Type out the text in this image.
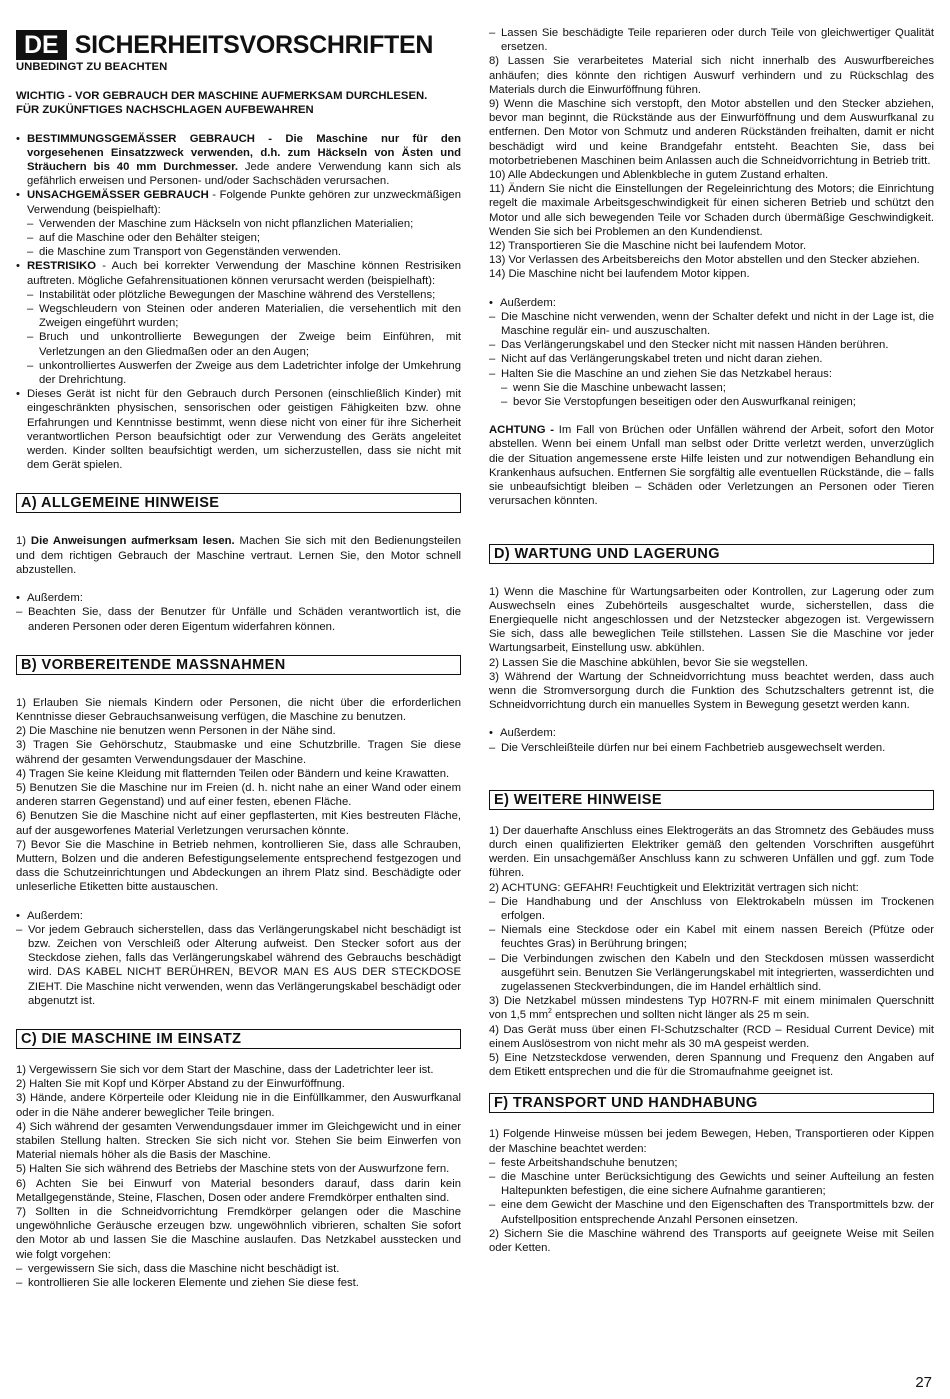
DE SICHERHEITSVORSCHRIFTEN

UNBEDINGT ZU BEACHTEN

WICHTIG - VOR GEBRAUCH DER MASCHINE AUFMERKSAM DURCHLESEN.

FÜR ZUKÜNFTIGES NACHSCHLAGEN AUFBEWAHREN

• BESTIMMUNGSGEMÄSSER GEBRAUCH - Die Maschine nur für den vorgesehenen Einsatzzweck verwenden, d.h. zum Häckseln von Ästen und Sträuchern bis 40 mm Durchmesser. Jede andere Verwendung kann sich als gefährlich erweisen und Personen- und/oder Sachschäden verursachen.

• UNSACHGEMÄSSER GEBRAUCH - Folgende Punkte gehören zur unzweckmäßigen Verwendung (beispielhaft):

– Verwenden der Maschine zum Häckseln von nicht pflanzlichen Materialien;

– auf die Maschine oder den Behälter steigen;

– die Maschine zum Transport von Gegenständen verwenden.

• RESTRISIKO - Auch bei korrekter Verwendung der Maschine können Restrisiken auftreten. Mögliche Gefahrensituationen können verursacht werden (beispielhaft):

– Instabilität oder plötzliche Bewegungen der Maschine während des Verstellens;

– Wegschleudern von Steinen oder anderen Materialien, die versehentlich mit den Zweigen eingeführt wurden;

– Bruch und unkontrollierte Bewegungen der Zweige beim Einführen, mit Verletzungen an den Gliedmaßen oder an den Augen;

– unkontrolliertes Auswerfen der Zweige aus dem Ladetrichter infolge der Umkehrung der Drehrichtung.

• Dieses Gerät ist nicht für den Gebrauch durch Personen (einschließlich Kinder) mit eingeschränkten physischen, sensorischen oder geistigen Fähigkeiten bzw. ohne Erfahrungen und Kenntnisse bestimmt, wenn diese nicht von einer für ihre Sicherheit verantwortlichen Person beaufsichtigt oder zur Verwendung des Geräts angeleitet werden. Kinder sollten beaufsichtigt werden, um sicherzustellen, dass sie nicht mit dem Gerät spielen.

A) ALLGEMEINE HINWEISE

1) Die Anweisungen aufmerksam lesen. Machen Sie sich mit den Bedienungsteilen und dem richtigen Gebrauch der Maschine vertraut. Lernen Sie, den Motor schnell abzustellen.

• Außerdem:

– Beachten Sie, dass der Benutzer für Unfälle und Schäden verantwortlich ist, die anderen Personen oder deren Eigentum widerfahren können.

B) VORBEREITENDE MASSNAHMEN

1) Erlauben Sie niemals Kindern oder Personen, die nicht über die erforderlichen Kenntnisse dieser Gebrauchsanweisung verfügen, die Maschine zu benutzen.

2) Die Maschine nie benutzen wenn Personen in der Nähe sind.

3) Tragen Sie Gehörschutz, Staubmaske und eine Schutzbrille. Tragen Sie diese während der gesamten Verwendungsdauer der Maschine.

4) Tragen Sie keine Kleidung mit flatternden Teilen oder Bändern und keine Krawatten.

5) Benutzen Sie die Maschine nur im Freien (d. h. nicht nahe an einer Wand oder einem anderen starren Gegenstand) und auf einer festen, ebenen Fläche.

6) Benutzen Sie die Maschine nicht auf einer gepflasterten, mit Kies bestreuten Fläche, auf der ausgeworfenes Material Verletzungen verursachen könnte.

7) Bevor Sie die Maschine in Betrieb nehmen, kontrollieren Sie, dass alle Schrauben, Muttern, Bolzen und die anderen Befestigungselemente entsprechend festgezogen und dass die Schutzeinrichtungen und Abdeckungen an ihrem Platz sind. Beschädigte oder unleserliche Etiketten bitte austauschen.

• Außerdem:

– Vor jedem Gebrauch sicherstellen, dass das Verlängerungskabel nicht beschädigt ist bzw. Zeichen von Verschleiß oder Alterung aufweist. Den Stecker sofort aus der Steckdose ziehen, falls das Verlängerungskabel während des Gebrauchs beschädigt wird. DAS KABEL NICHT BERÜHREN, BEVOR MAN ES AUS DER STECKDOSE ZIEHT. Die Maschine nicht verwenden, wenn das Verlängerungskabel beschädigt oder abgenutzt ist.

C) DIE MASCHINE IM EINSATZ

1) Vergewissern Sie sich vor dem Start der Maschine, dass der Ladetrichter leer ist.

2) Halten Sie mit Kopf und Körper Abstand zu der Einwurföffnung.

3) Hände, andere Körperteile oder Kleidung nie in die Einfüllkammer, den Auswurfkanal oder in die Nähe anderer beweglicher Teile bringen.

4) Sich während der gesamten Verwendungsdauer immer im Gleichgewicht und in einer stabilen Stellung halten. Strecken Sie sich nicht vor. Stehen Sie beim Einwerfen von Material niemals höher als die Basis der Maschine.

5) Halten Sie sich während des Betriebs der Maschine stets von der Auswurfzone fern.

6) Achten Sie bei Einwurf von Material besonders darauf, dass darin kein Metallgegenstände, Steine, Flaschen, Dosen oder andere Fremdkörper enthalten sind.

7) Sollten in die Schneidvorrichtung Fremdkörper gelangen oder die Maschine ungewöhnliche Geräusche erzeugen bzw. ungewöhnlich vibrieren, schalten Sie sofort den Motor ab und lassen Sie die Maschine auslaufen. Das Netzkabel ausstecken und wie folgt vorgehen:

– vergewissern Sie sich, dass die Maschine nicht beschädigt ist.

– kontrollieren Sie alle lockeren Elemente und ziehen Sie diese fest.

– Lassen Sie beschädigte Teile reparieren oder durch Teile von gleichwertiger Qualität ersetzen.

8) Lassen Sie verarbeitetes Material sich nicht innerhalb des Auswurfbereiches anhäufen; dies könnte den richtigen Auswurf verhindern und zu Rückschlag des Materials durch die Einwurföffnung führen.

9) Wenn die Maschine sich verstopft, den Motor abstellen und den Stecker abziehen, bevor man beginnt, die Rückstände aus der Einwurföffnung und dem Auswurfkanal zu entfernen. Den Motor von Schmutz und anderen Rückständen freihalten, damit er nicht beschädigt wird und keine Brandgefahr entsteht. Beachten Sie, dass bei motorbetriebenen Maschinen beim Anlassen auch die Schneidvorrichtung in Betrieb tritt.

10) Alle Abdeckungen und Ablenkbleche in gutem Zustand erhalten.

11) Ändern Sie nicht die Einstellungen der Regeleinrichtung des Motors; die Einrichtung regelt die maximale Arbeitsgeschwindigkeit für einen sicheren Betrieb und schützt den Motor und alle sich bewegenden Teile vor Schaden durch übermäßige Geschwindigkeit. Wenden Sie sich bei Problemen an den Kundendienst.

12) Transportieren Sie die Maschine nicht bei laufendem Motor.

13) Vor Verlassen des Arbeitsbereichs den Motor abstellen und den Stecker abziehen.

14) Die Maschine nicht bei laufendem Motor kippen.

• Außerdem:

– Die Maschine nicht verwenden, wenn der Schalter defekt und nicht in der Lage ist, die Maschine regulär ein- und auszuschalten.

– Das Verlängerungskabel und den Stecker nicht mit nassen Händen berühren.

– Nicht auf das Verlängerungskabel treten und nicht daran ziehen.

– Halten Sie die Maschine an und ziehen Sie das Netzkabel heraus:

– wenn Sie die Maschine unbewacht lassen;

– bevor Sie Verstopfungen beseitigen oder den Auswurfkanal reinigen;

ACHTUNG - Im Fall von Brüchen oder Unfällen während der Arbeit, sofort den Motor abstellen. Wenn bei einem Unfall man selbst oder Dritte verletzt werden, unverzüglich die der Situation angemessene erste Hilfe leisten und zur notwendigen Behandlung ein Krankenhaus aufsuchen. Entfernen Sie sorgfältig alle eventuellen Rückstände, die – falls sie unbeaufsichtigt bleiben – Schäden oder Verletzungen an Personen oder Tieren verursachen könnten.

D) WARTUNG UND LAGERUNG

1) Wenn die Maschine für Wartungsarbeiten oder Kontrollen, zur Lagerung oder zum Auswechseln eines Zubehörteils ausgeschaltet wurde, sicherstellen, dass die Energiequelle nicht angeschlossen und der Netzstecker abgezogen ist. Vergewissern Sie sich, dass alle beweglichen Teile stillstehen. Lassen Sie die Maschine vor jeder Wartungsarbeit, Einstellung usw. abkühlen.

2) Lassen Sie die Maschine abkühlen, bevor Sie sie wegstellen.

3) Während der Wartung der Schneidvorrichtung muss beachtet werden, dass auch wenn die Stromversorgung durch die Funktion des Schutzschalters getrennt ist, die Schneidvorrichtung durch ein manuelles System in Bewegung gesetzt werden kann.

• Außerdem:

– Die Verschleißteile dürfen nur bei einem Fachbetrieb ausgewechselt werden.

E) WEITERE HINWEISE

1) Der dauerhafte Anschluss eines Elektrogeräts an das Stromnetz des Gebäudes muss durch einen qualifizierten Elektriker gemäß den geltenden Vorschriften ausgeführt werden. Ein unsachgemäßer Anschluss kann zu schweren Unfällen und ggf. zum Tode führen.

2) ACHTUNG: GEFAHR! Feuchtigkeit und Elektrizität vertragen sich nicht:

– Die Handhabung und der Anschluss von Elektrokabeln müssen im Trockenen erfolgen.

– Niemals eine Steckdose oder ein Kabel mit einem nassen Bereich (Pfütze oder feuchtes Gras) in Berührung bringen;

– Die Verbindungen zwischen den Kabeln und den Steckdosen müssen wasserdicht ausgeführt sein. Benutzen Sie Verlängerungskabel mit integrierten, wasserdichten und zugelassenen Steckverbindungen, die im Handel erhältlich sind.

3) Die Netzkabel müssen mindestens Typ H07RN-F mit einem minimalen Querschnitt von 1,5 $mm^2$ entsprechen und sollten nicht länger als 25 m sein.

4) Das Gerät muss über einen FI-Schutzschalter (RCD – Residual Current Device) mit einem Auslösestrom von nicht mehr als 30 mA gespeist werden.

5) Eine Netzsteckdose verwenden, deren Spannung und Frequenz den Angaben auf dem Etikett entsprechen und die für die Stromaufnahme geeignet ist.

F) TRANSPORT UND HANDHABUNG

1) Folgende Hinweise müssen bei jedem Bewegen, Heben, Transportieren oder Kippen der Maschine beachtet werden:

– feste Arbeitshandschuhe benutzen;

– die Maschine unter Berücksichtigung des Gewichts und seiner Aufteilung an festen Haltepunkten befestigen, die eine sichere Aufnahme garantieren;

– eine dem Gewicht der Maschine und den Eigenschaften des Transportmittels bzw. der Aufstellposition entsprechende Anzahl Personen einsetzen.

2) Sichern Sie die Maschine während des Transports auf geeignete Weise mit Seilen oder Ketten.

27
